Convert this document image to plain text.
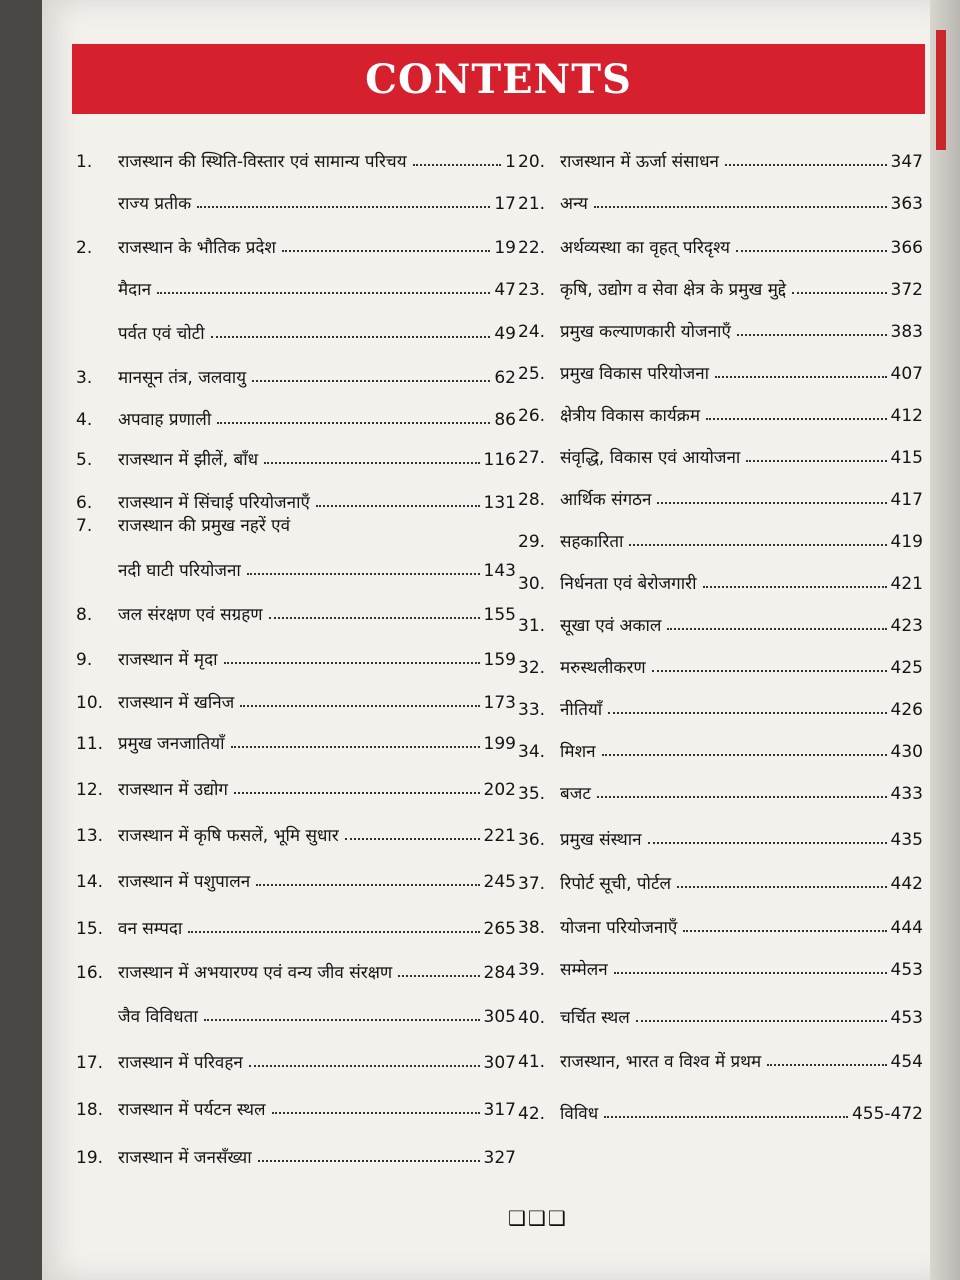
CONTENTS
1.	राजस्थान की स्थिति-विस्तार एवं सामान्य परिचय	1
राज्य प्रतीक	17
2.	राजस्थान के भौतिक प्रदेश	19
मैदान	47
पर्वत एवं चोटी	49
3.	मानसून तंत्र, जलवायु	62
4.	अपवाह प्रणाली	86
5.	राजस्थान में झीलें, बाँध	116
6.	राजस्थान में सिंचाई परियोजनाएँ	131
7. राजस्थान की प्रमुख नहरें एवं
नदी घाटी परियोजना	143
8.	जल संरक्षण एवं सग्रहण	155
9.	राजस्थान में मृदा	159
10. राजस्थान में खनिज	173
11. प्रमुख जनजातियाँ	199
12. राजस्थान में उद्योग	202
13. राजस्थान में कृषि फसलें, भूमि सुधार	221
14. राजस्थान में पशुपालन	245
15. वन सम्पदा	265
16. राजस्थान में अभयारण्य एवं वन्य जीव संरक्षण	284
जैव विविधता	305
17. राजस्थान में परिवहन	307
18. राजस्थान में पर्यटन स्थल	317
19. राजस्थान में जनसँख्या	327
20. राजस्थान में ऊर्जा संसाधन	347
21. अन्य	363
22. अर्थव्यस्था का वृहत् परिदृश्य	366
23. कृषि, उद्योग व सेवा क्षेत्र के प्रमुख मुद्दे	372
24. प्रमुख कल्याणकारी योजनाएँ	383
25. प्रमुख विकास परियोजना	407
26. क्षेत्रीय विकास कार्यक्रम	412
27. संवृद्धि, विकास एवं आयोजना	415
28. आर्थिक संगठन	417
29. सहकारिता	419
30. निर्धनता एवं बेरोजगारी	421
31. सूखा एवं अकाल	423
32. मरुस्थलीकरण	425
33. नीतियाँ	426
34. मिशन	430
35. बजट	433
36. प्रमुख संस्थान	435
37. रिपोर्ट सूची, पोर्टल	442
38. योजना परियोजनाएँ	444
39. सम्मेलन	453
40. चर्चित स्थल	453
41. राजस्थान, भारत व विश्व में प्रथम	454
42. विविध	455-472
❑❑❑
